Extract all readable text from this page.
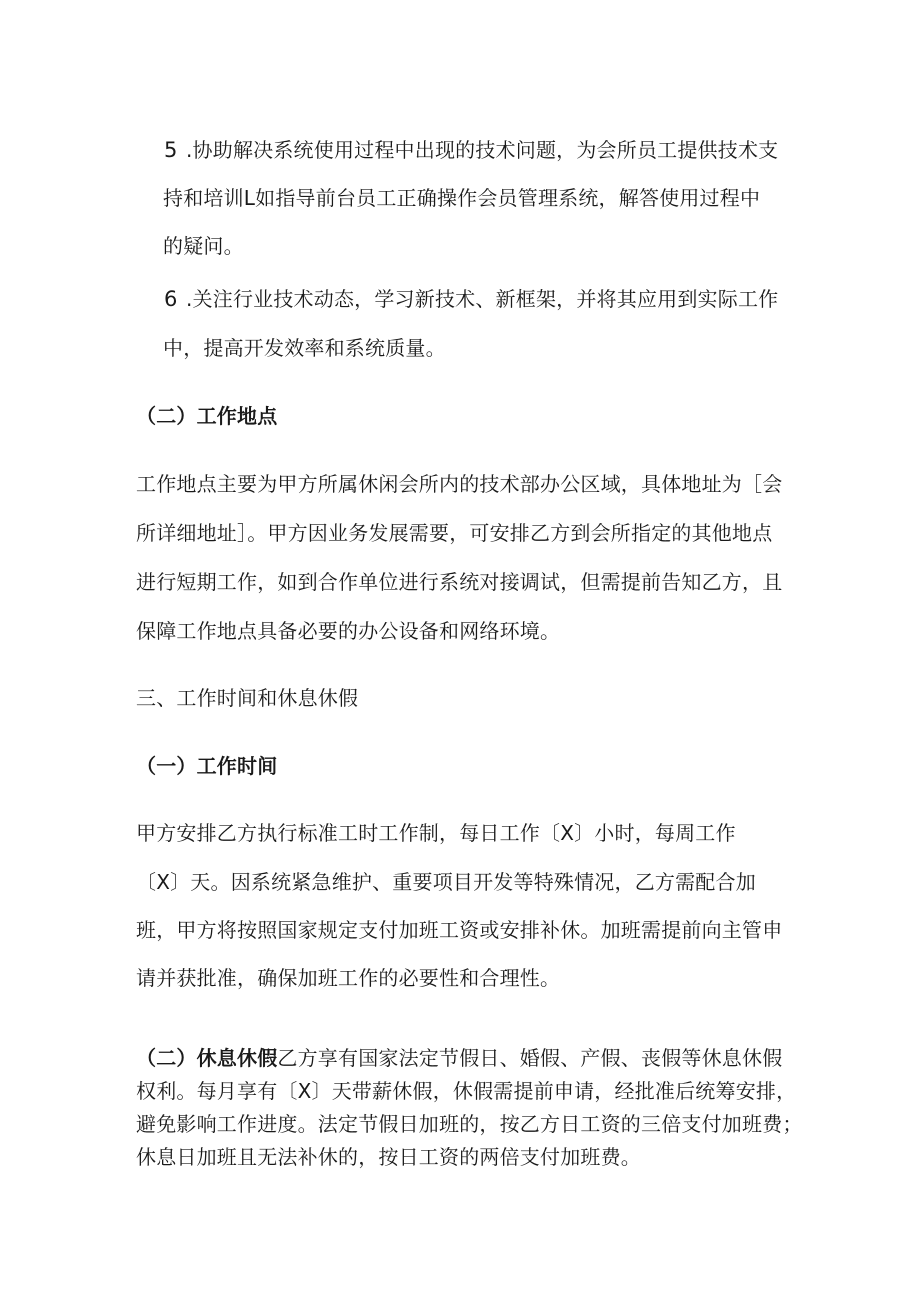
5 .协助解决系统使用过程中出现的技术问题，为会所员工提供技术支
持和培训L如指导前台员工正确操作会员管理系统，解答使用过程中
的疑问。
6 .关注行业技术动态，学习新技术、新框架，并将其应用到实际工作
中，提高开发效率和系统质量。
（二）工作地点
工作地点主要为甲方所属休闲会所内的技术部办公区域，具体地址为［会
所详细地址］。甲方因业务发展需要，可安排乙方到会所指定的其他地点
进行短期工作，如到合作单位进行系统对接调试，但需提前告知乙方，且
保障工作地点具备必要的办公设备和网络环境。
三、工作时间和休息休假
（一）工作时间
甲方安排乙方执行标准工时工作制，每日工作〔X〕小时，每周工作
〔X〕天。因系统紧急维护、重要项目开发等特殊情况，乙方需配合加
班，甲方将按照国家规定支付加班工资或安排补休。加班需提前向主管申
请并获批准，确保加班工作的必要性和合理性。
（二）休息休假乙方享有国家法定节假日、婚假、产假、丧假等休息休假
权利。每月享有〔X〕天带薪休假，休假需提前申请，经批准后统筹安排，
避免影响工作进度。法定节假日加班的，按乙方日工资的三倍支付加班费；
休息日加班且无法补休的，按日工资的两倍支付加班费。
